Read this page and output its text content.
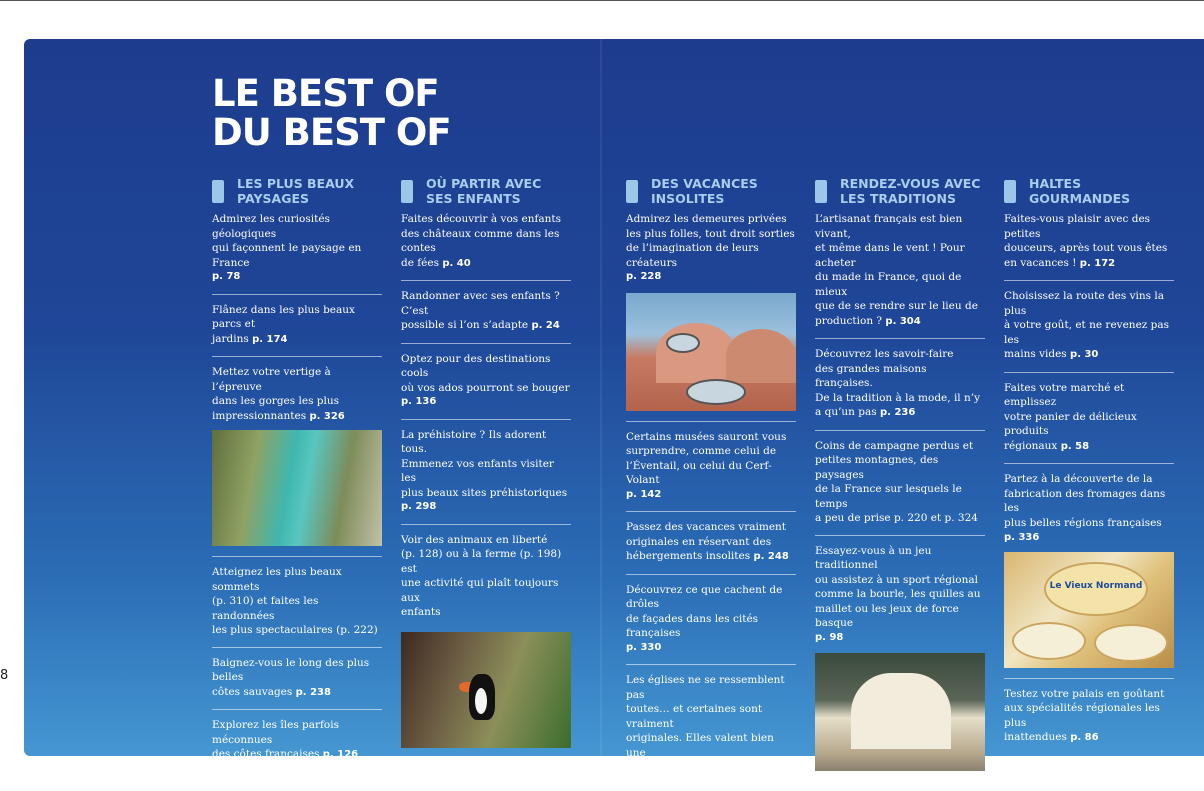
8
LE BEST OF
DU BEST OF
LES PLUS BEAUX
PAYSAGES
Admirez les curiosités géologiques
qui façonnent le paysage en France
p. 78
Flânez dans les plus beaux parcs et
jardins p. 174
Mettez votre vertige à l’épreuve
dans les gorges les plus
impressionnantes p. 326
Atteignez les plus beaux sommets
(p. 310) et faites les randonnées
les plus spectaculaires (p. 222)
Baignez-vous le long des plus belles
côtes sauvages p. 238
Explorez les îles parfois méconnues
des côtes françaises p. 126
OÙ PARTIR AVEC
SES ENFANTS
Faites découvrir à vos enfants
des châteaux comme dans les contes
de fées p. 40
Randonner avec ses enfants ? C’est
possible si l’on s’adapte p. 24
Optez pour des destinations cools
où vos ados pourront se bouger
p. 136
La préhistoire ? Ils adorent tous.
Emmenez vos enfants visiter les
plus beaux sites préhistoriques
p. 298
Voir des animaux en liberté
(p. 128) ou à la ferme (p. 198) est
une activité qui plaît toujours aux
enfants
DES VACANCES
INSOLITES
Admirez les demeures privées
les plus folles, tout droit sorties
de l’imagination de leurs créateurs
p. 228
Certains musées sauront vous
surprendre, comme celui de
l’Éventail, ou celui du Cerf-Volant
p. 142
Passez des vacances vraiment
originales en réservant des
hébergements insolites p. 248
Découvrez ce que cachent de drôles
de façades dans les cités françaises
p. 330
Les églises ne se ressemblent pas
toutes… et certaines sont vraiment
originales. Elles valent bien une
visite p. 306
RENDEZ-VOUS AVEC
LES TRADITIONS
L’artisanat français est bien vivant,
et même dans le vent ! Pour acheter
du made in France, quoi de mieux
que de se rendre sur le lieu de
production ? p. 304
Découvrez les savoir-faire
des grandes maisons françaises.
De la tradition à la mode, il n’y
a qu’un pas p. 236
Coins de campagne perdus et
petites montagnes, des paysages
de la France sur lesquels le temps
a peu de prise p. 220 et p. 324
Essayez-vous à un jeu traditionnel
ou assistez à un sport régional
comme la bourle, les quilles au
maillet ou les jeux de force basque
p. 98
HALTES
GOURMANDES
Faites-vous plaisir avec des petites
douceurs, après tout vous êtes
en vacances ! p. 172
Choisissez la route des vins la plus
à votre goût, et ne revenez pas les
mains vides p. 30
Faites votre marché et emplissez
votre panier de délicieux produits
régionaux p. 58
Partez à la découverte de la
fabrication des fromages dans les
plus belles régions françaises p. 336
Le Vieux Normand
Testez votre palais en goûtant
aux spécialités régionales les plus
inattendues p. 86
